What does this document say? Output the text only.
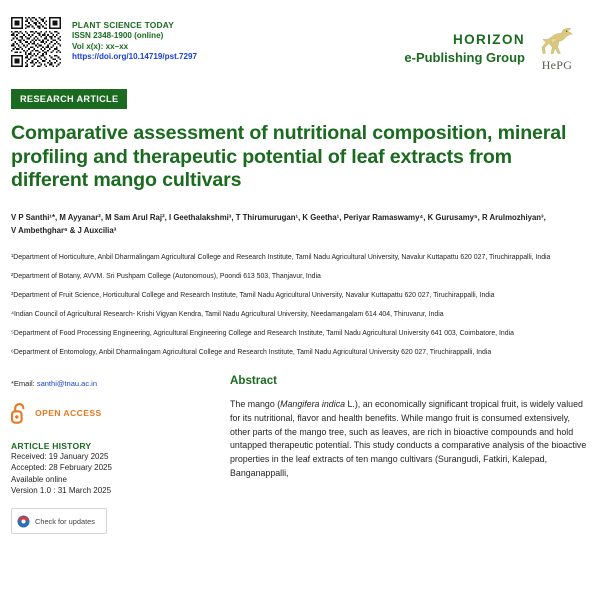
PLANT SCIENCE TODAY
ISSN 2348-1900 (online)
Vol x(x): xx–xx
https://doi.org/10.14719/pst.7297
HORIZON
e-Publishing Group	HePG
RESEARCH ARTICLE
Comparative assessment of nutritional composition, mineral profiling and therapeutic potential of leaf extracts from different mango cultivars
V P Santhi¹*, M Ayyanar², M Sam Arul Raj², I Geethalakshmi³, T Thirumurugan¹, K Geetha¹, Periyar Ramaswamy⁴, K Gurusamy⁵, R Arulmozhiyan³,
V Ambethghar⁶ & J Auxcilia³
¹Department of Horticulture, Anbil Dharmalingam Agricultural College and Research Institute, Tamil Nadu Agricultural University, Navalur Kuttapattu 620 027, Tiruchirappalli, India
²Department of Botany, AVVM. Sri Pushpam College (Autonomous), Poondi 613 503, Thanjavur, India
³Department of Fruit Science, Horticultural College and Research Institute, Tamil Nadu Agricultural University, Navalur Kuttapattu 620 027, Tiruchirappalli, India
⁴Indian Council of Agricultural Research- Krishi Vigyan Kendra, Tamil Nadu Agricultural University, Needamangalam 614 404, Thiruvarur, India
⁵Department of Food Processing Engineering, Agricultural Engineering College and Research Institute, Tamil Nadu Agricultural University 641 003, Coimbatore, India
⁶Department of Entomology, Anbil Dharmalingam Agricultural College and Research Institute, Tamil Nadu Agricultural University 620 027, Tiruchirappalli, India
*Email: santhi@tnau.ac.in
OPEN ACCESS
ARTICLE HISTORY
Received: 19 January 2025
Accepted: 28 February 2025
Available online
Version 1.0 : 31 March 2025
Check for updates
Abstract
The mango (Mangifera indica L.), an economically significant tropical fruit, is widely valued for its nutritional, flavor and health benefits. While mango fruit is consumed extensively, other parts of the mango tree, such as leaves, are rich in bioactive compounds and hold untapped therapeutic potential. This study conducts a comparative analysis of the bioactive properties in the leaf extracts of ten mango cultivars (Surangudi, Fatkiri, Kalepad, Banganappalli,
